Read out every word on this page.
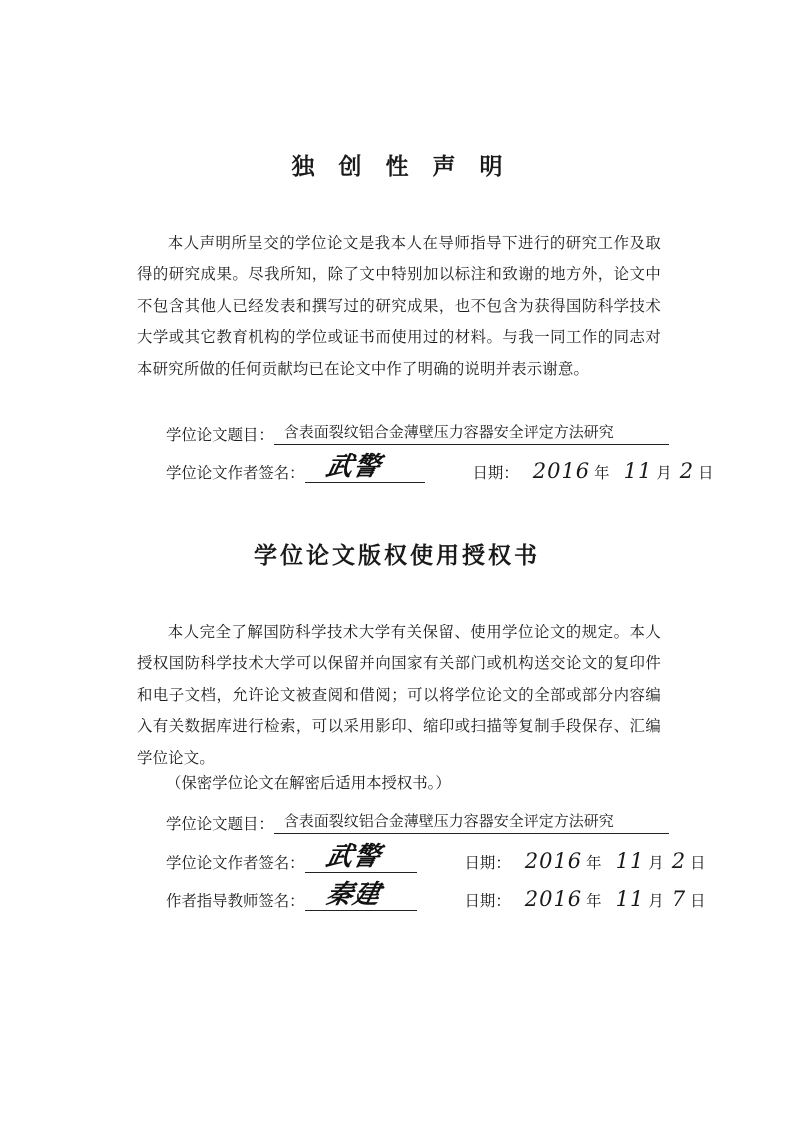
独创性声明

本人声明所呈交的学位论文是我本人在导师指导下进行的研究工作及取得的研究成果。尽我所知，除了文中特别加以标注和致谢的地方外，论文中不包含其他人已经发表和撰写过的研究成果，也不包含为获得国防科学技术大学或其它教育机构的学位或证书而使用过的材料。与我一同工作的同志对本研究所做的任何贡献均已在论文中作了明确的说明并表示谢意。

学位论文题目： 含表面裂纹铝合金薄壁压力容器安全评定方法研究
学位论文作者签名： 武警	日期： 2016 年 11 月 2 日
学位论文版权使用授权书

本人完全了解国防科学技术大学有关保留、使用学位论文的规定。本人授权国防科学技术大学可以保留并向国家有关部门或机构送交论文的复印件和电子文档，允许论文被查阅和借阅；可以将学位论文的全部或部分内容编入有关数据库进行检索，可以采用影印、缩印或扫描等复制手段保存、汇编学位论文。

（保密学位论文在解密后适用本授权书。）

学位论文题目： 含表面裂纹铝合金薄壁压力容器安全评定方法研究
学位论文作者签名： 武警	日期： 2016 年 11 月 2 日
作者指导教师签名： 秦建	日期： 2016 年 11 月 7 日
